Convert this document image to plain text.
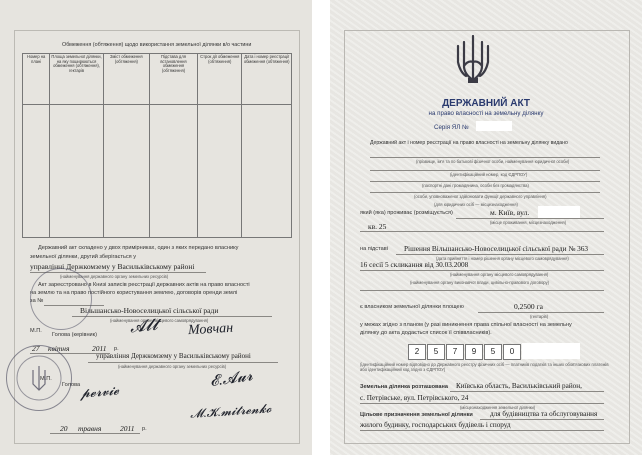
Обмеження (обтяження) щодо використання земельної ділянки в/о частини
Номер на плані	Площа земельної ділянки, на яку поширюються обмеження (обтяження), гектарів	Зміст обмеження (обтяження)	Підстава для встановлення обмеження (обтяження)	Строк дії обмеження (обтяження)	Дата і номер реєстрації обмеження (обтяження)

Державний акт складено у двох примірниках, один з яких передано власнику
земельної ділянки, другий зберігається у
управлінні Держкомзему у Васильківському районі
(найменування державного органу земельних ресурсів)
Акт зареєстровано в Книзі записів реєстрації державних актів на право власності
на землю та на право постійного користування землею, договорів оренди землі
за №
Вільшансько-Новоселицької сільської ради
(найменування органу місцевого самоврядування)
М.П.
Голова (керівник) 𝓐𝓵𝓽 Мовчан
27 квітня	2011 р.
управління Держкомзему у Васильківському районі
(найменування державного органу земельних ресурсів)
М.П.
Голова	𝓔.𝓐𝓾𝓻
𝓹𝓮𝓻𝓿𝓲𝓮
𝓜.𝓚.𝓶𝓲𝓽𝓻𝓮𝓷𝓴𝓸
20 травня 2011 р.
ДЕРЖАВНИЙ АКТ
на право власності на земельну ділянку
Серія ЯЛ №
Державний акт і номер реєстрації на право власності на земельну ділянку видано
(прізвище, ім'я та по батькові фізичної особи, найменування юридичної особи)
(ідентифікаційний номер, код ЄДРПОУ)
(паспортні дані громадянина, особи без громадянства)
(особи, уповноваженої здійснювати функції державного управління)
(для юридичних осіб — місцезнаходження)
який (яка) проживає (розміщується)	м. Київ, вул.
(місце проживання, місцезнаходження)
кв. 25
на підставі Рішення Вільшансько-Новоселицької сільської ради № 363
(дата прийняття і номер рішення органу місцевого самоврядування)
16 сесії 5 скликання від 30.03.2008
(найменування органу місцевого самоврядування)
(найменування органу виконавчої влади, цивільно-правового договору)
є власником земельної ділянки площею	0,2500 га
(гектарів)
у межах згідно з планом (у разі виникнення права спільної власності на земельну
ділянку до акта додається список її співвласників).
2	5	7	9	5	0
(ідентифікаційний номер відповідно до Державного реєстру фізичних осіб — платників податків та інших обов'язкових платежів або ідентифікаційний код згідно з ЄДРПОУ)
Земельна ділянка розташована Київська область, Васильківський район,
с. Петрівське, вул. Петрівського, 24
(місцезнаходження земельної ділянки)
Цільове призначення земельної ділянки для будівництва та обслуговування
жилого будинку, господарських будівель і споруд
